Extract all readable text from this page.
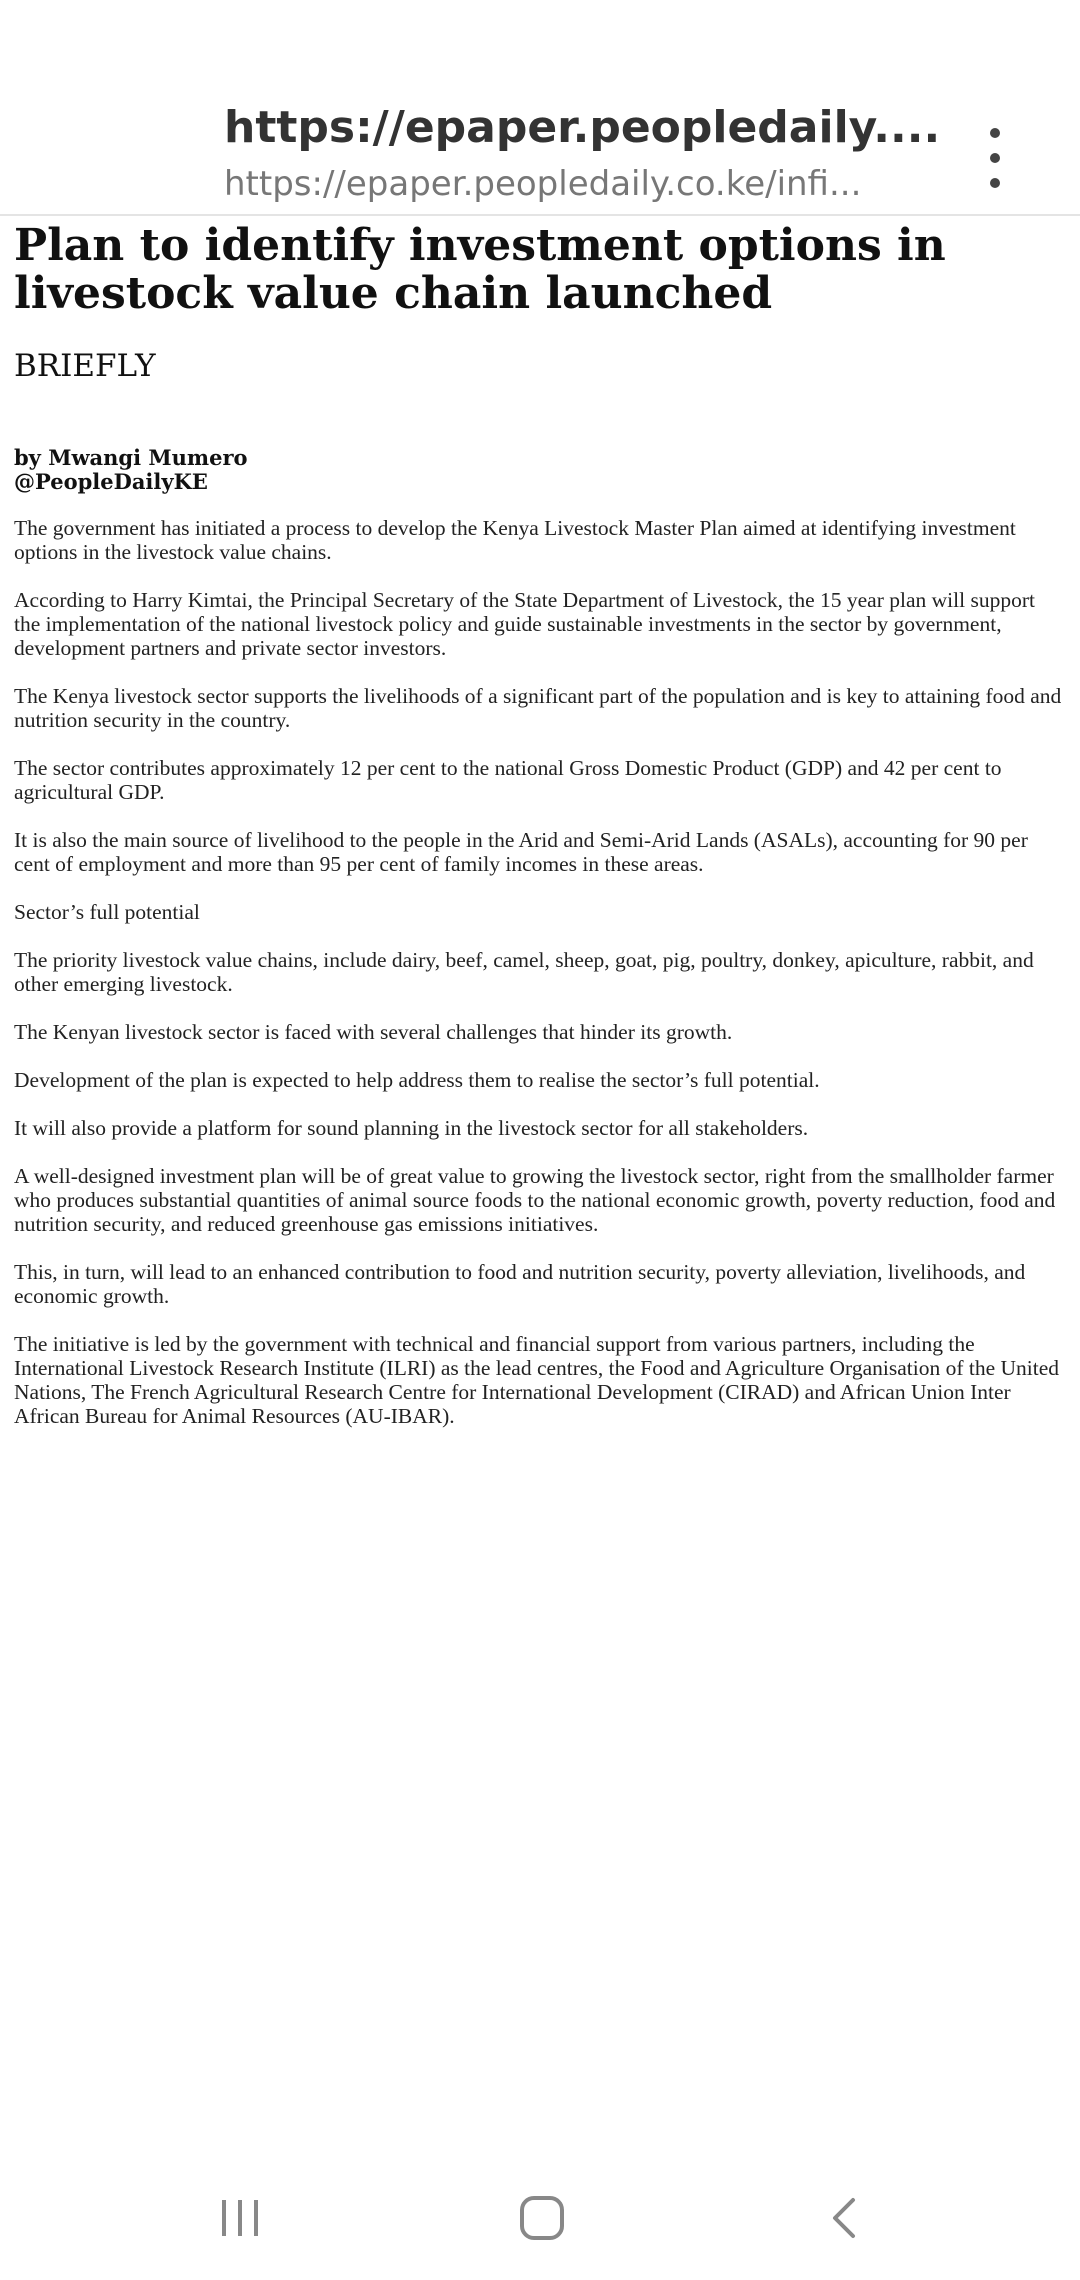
https://epaper.peopledaily....
https://epaper.peopledaily.co.ke/infi...
Plan to identify investment options in livestock value chain launched
BRIEFLY
by Mwangi Mumero
@PeopleDailyKE

The government has initiated a process to develop the Kenya Livestock Master Plan aimed at identifying investment options in the livestock value chains.

According to Harry Kimtai, the Principal Secretary of the State Department of Livestock, the 15 year plan will support the implementation of the national livestock policy and guide sustainable investments in the sector by government, development partners and private sector investors.

The Kenya livestock sector supports the livelihoods of a significant part of the population and is key to attaining food and nutrition security in the country.

The sector contributes approximately 12 per cent to the national Gross Domestic Product (GDP) and 42 per cent to agricultural GDP.

It is also the main source of livelihood to the people in the Arid and Semi-Arid Lands (ASALs), accounting for 90 per cent of employment and more than 95 per cent of family incomes in these areas.

Sector’s full potential

The priority livestock value chains, include dairy, beef, camel, sheep, goat, pig, poultry, donkey, apiculture, rabbit, and other emerging livestock.

The Kenyan livestock sector is faced with several challenges that hinder its growth.

Development of the plan is expected to help address them to realise the sector’s full potential.

It will also provide a platform for sound planning in the livestock sector for all stakeholders.

A well-designed investment plan will be of great value to growing the livestock sector, right from the smallholder farmer who produces substantial quantities of animal source foods to the national economic growth, poverty reduction, food and nutrition security, and reduced greenhouse gas emissions initiatives.

This, in turn, will lead to an enhanced contribution to food and nutrition security, poverty alleviation, livelihoods, and economic growth.

The initiative is led by the government with technical and financial support from various partners, including the International Livestock Research Institute (ILRI) as the lead centres, the Food and Agriculture Organisation of the United Nations, The French Agricultural Research Centre for International Development (CIRAD) and African Union Inter African Bureau for Animal Resources (AU-IBAR).
